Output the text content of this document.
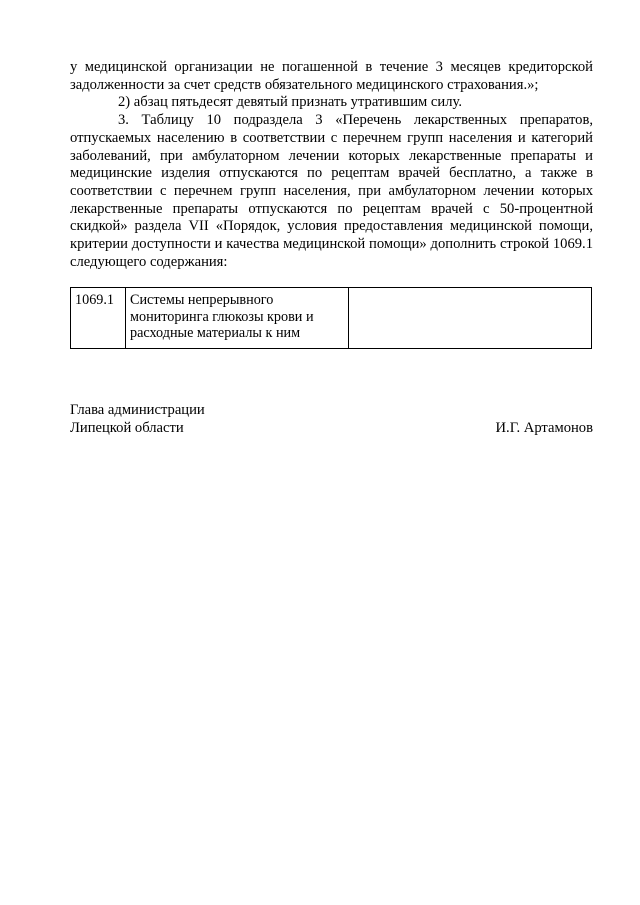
у медицинской организации не погашенной в течение 3 месяцев кредиторской задолженности за счет средств обязательного медицинского страхования.»;

2) абзац пятьдесят девятый признать утратившим силу.

3. Таблицу 10 подраздела 3 «Перечень лекарственных препаратов, отпускаемых населению в соответствии с перечнем групп населения и категорий заболеваний, при амбулаторном лечении которых лекарственные препараты и медицинские изделия отпускаются по рецептам врачей бесплатно, а также в соответствии с перечнем групп населения, при амбулаторном лечении которых лекарственные препараты отпускаются по рецептам врачей с 50-процентной скидкой» раздела VII «Порядок, условия предоставления медицинской помощи, критерии доступности и качества медицинской помощи» дополнить строкой 1069.1 следующего содержания:

1069.1	Системы непрерывного мониторинга глюкозы крови и расходные материалы к ним	
Глава администрации
Липецкой области	И.Г. Артамонов
